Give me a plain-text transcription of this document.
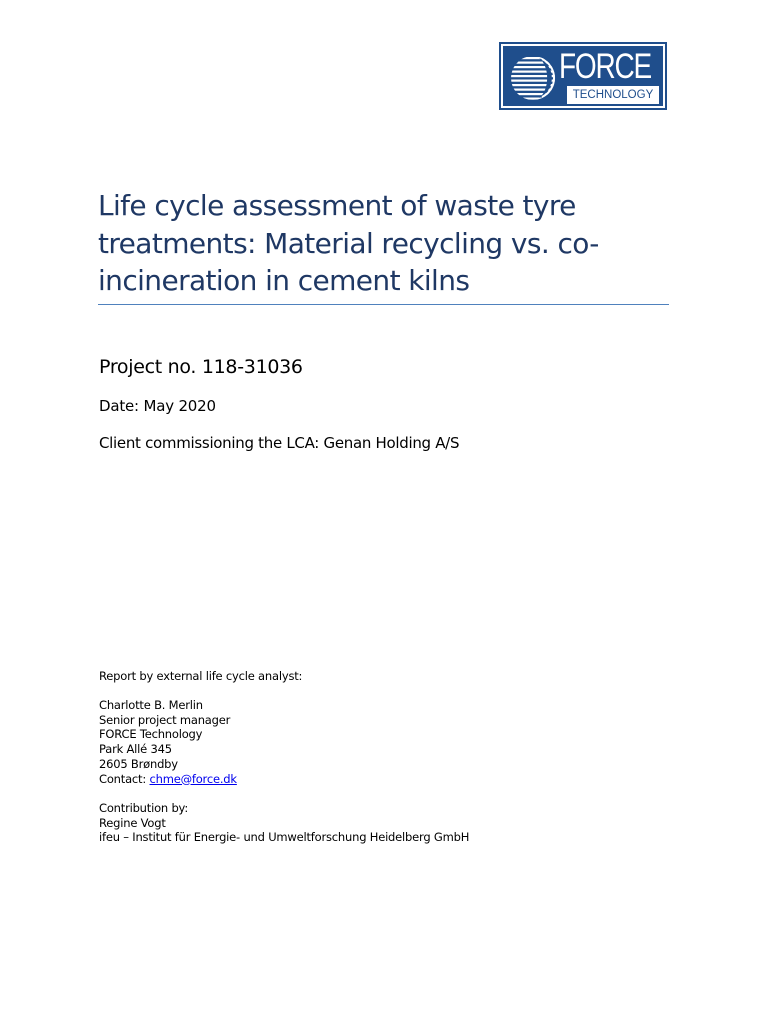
FORCE
TECHNOLOGY
Life cycle assessment of waste tyre
treatments: Material recycling vs. co-
incineration in cement kilns
Project no. 118-31036
Date: May 2020
Client commissioning the LCA: Genan Holding A/S
Report by external life cycle analyst:
Charlotte B. Merlin
Senior project manager
FORCE Technology
Park Allé 345
2605 Brøndby
Contact: chme@force.dk
Contribution by:
Regine Vogt
ifeu – Institut für Energie- und Umweltforschung Heidelberg GmbH
